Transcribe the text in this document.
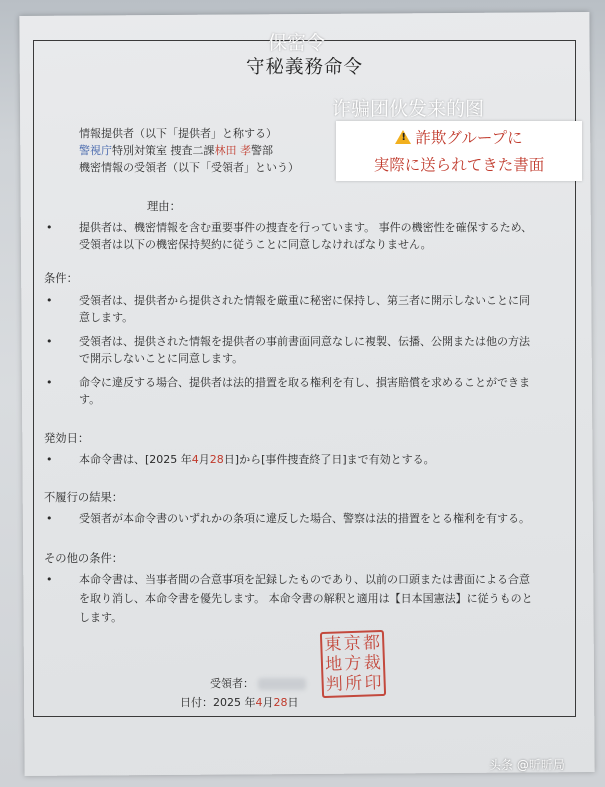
守秘義務命令
情報提供者（以下「提供者」と称する）
警視庁特別対策室 捜査二課林田 孝警部
機密情報の受領者（以下「受領者」という）
理由：
• 提供者は、機密情報を含む重要事件の捜査を行っています。 事件の機密性を確保するため、
受領者は以下の機密保持契約に従うことに同意しなければなりません。
条件：
• 受領者は、提供者から提供された情報を厳重に秘密に保持し、第三者に開示しないことに同
意します。
• 受領者は、提供された情報を提供者の事前書面同意なしに複製、伝播、公開または他の方法
で開示しないことに同意します。
• 命令に違反する場合、提供者は法的措置を取る権利を有し、損害賠償を求めることができま
す。
発効日：
• 本命令書は、[2025 年4月28日]から[事件捜査終了日]まで有効とする。
不履行の結果：
• 受領者が本命令書のいずれかの条項に違反した場合、警察は法的措置をとる権利を有する。
その他の条件：
• 本命令書は、当事者間の合意事項を記録したものであり、以前の口頭または書面による合意
を取り消し、本命令書を優先します。 本命令書の解釈と適用は【日本国憲法】に従うものと
します。
東 京 都
地 方 裁
判 所 印
受領者：
日付：2025 年4月28日
保密令
诈骗团伙发来的图
!詐欺グループに
実際に送られてきた書面
头条 @昕昕局
